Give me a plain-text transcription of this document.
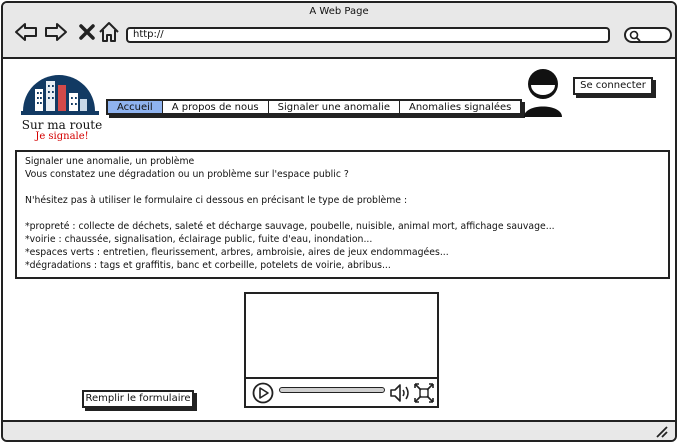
A Web Page
http://
Sur ma route
Je signale!
Accueil	A propos de nous	Signaler une anomalie	Anomalies signalées
Se connecter

Signaler une anomalie, un problème

Vous constatez une dégradation ou un problème sur l'espace public ?

N'hésitez pas à utiliser le formulaire ci dessous en précisant le type de problème :

*propreté : collecte de déchets, saleté et décharge sauvage, poubelle, nuisible, animal mort, affichage sauvage...

*voirie : chaussée, signalisation, éclairage public, fuite d'eau, inondation...

*espaces verts : entretien, fleurissement, arbres, ambroisie, aires de jeux endommagées...

*dégradations : tags et graffitis, banc et corbeille, potelets de voirie, abribus...

Remplir le formulaire
